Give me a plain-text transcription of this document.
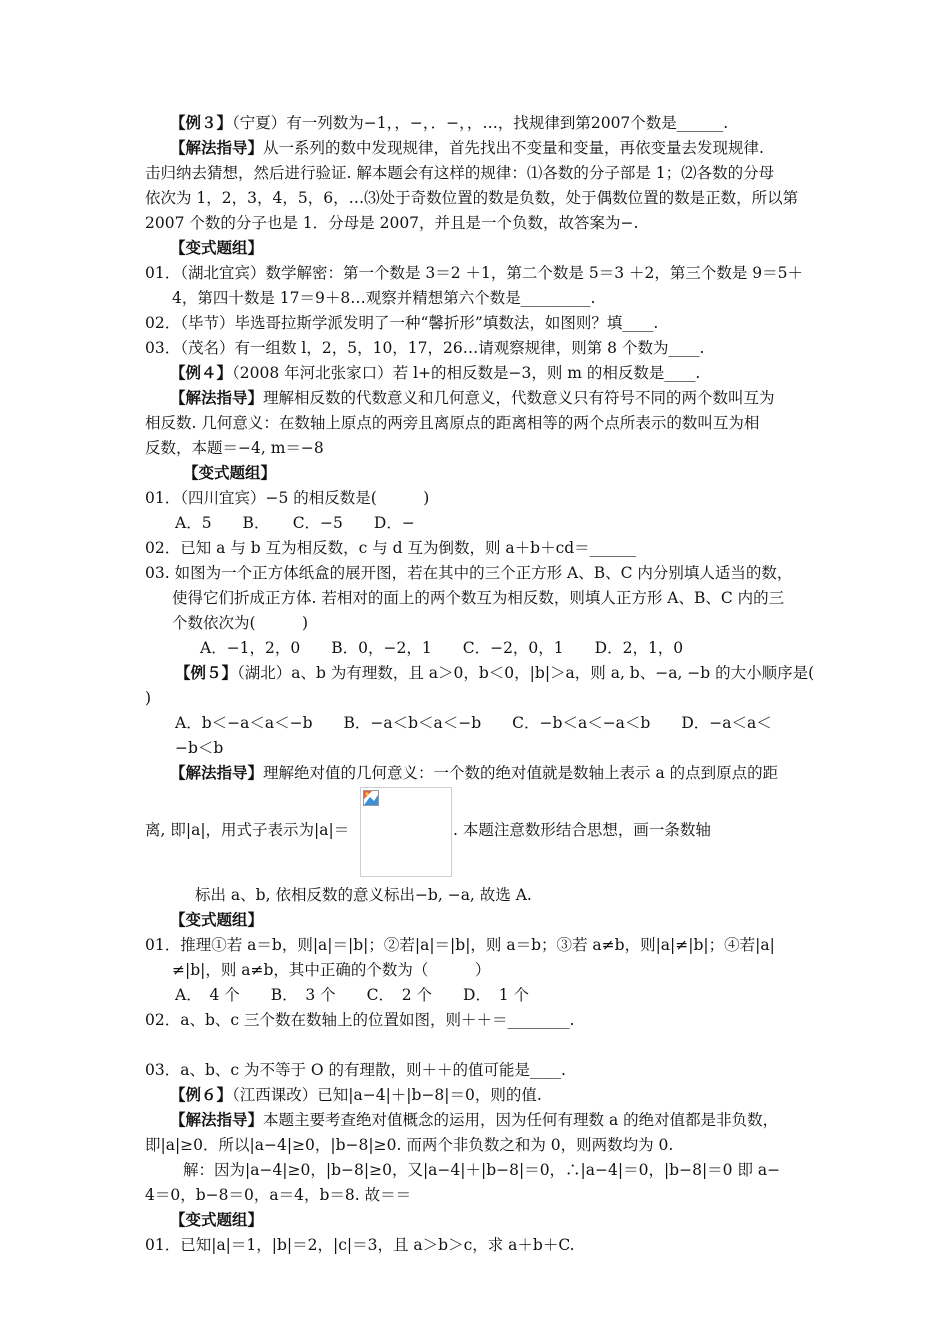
【例３】（宁夏）有一列数为−1，，−，．−，，…，找规律到第2007个数是______.
【解法指导】从一系列的数中发现规律，首先找出不变量和变量，再依变量去发现规律.
击归纳去猜想，然后进行验证. 解本题会有这样的规律：⑴各数的分子部是 1；⑵各数的分母
依次为 1，2，3，4，5，6，…⑶处于奇数位置的数是负数，处于偶数位置的数是正数，所以第
2007 个数的分子也是 1．分母是 2007，并且是一个负数，故答案为−.
【变式题组】
01．（湖北宜宾）数学解密：第一个数是 3＝2 ＋1，第二个数是 5＝3 ＋2，第三个数是 9＝5＋
4，第四十数是 17＝9＋8…观察并精想第六个数是_________.
02．（毕节）毕选哥拉斯学派发明了一种“馨折形”填数法，如图则？填____.
03．（茂名）有一组数 l，2，5，10，17，26…请观察规律，则第 8 个数为____.
【例４】（2008 年河北张家口）若 l+的相反数是−3，则 m 的相反数是____.
【解法指导】理解相反数的代数意义和几何意义，代数意义只有符号不同的两个数叫互为
相反数. 几何意义：在数轴上原点的两旁且离原点的距离相等的两个点所表示的数叫互为相
反数，本题＝−4, m＝−8
【变式题组】
01．（四川宜宾）−5 的相反数是(　　　)
A．5　　B．　　C．−5　　D．−
02．已知 a 与 b 互为相反数，c 与 d 互为倒数，则 a＋b＋cd＝______
03. 如图为一个正方体纸盒的展开图，若在其中的三个正方形 A、B、C 内分别填人适当的数，
使得它们折成正方体. 若相对的面上的两个数互为相反数，则填人正方形 A、B、C 内的三
个数依次为(　　　)
A．−1，2，0　　B．0，−2，1　　C．−2，0，1　　D．2，1，0
【例５】（湖北）a、b 为有理数，且 a＞0，b＜0，|b|＞a，则 a, b、−a, −b 的大小顺序是(
)
A．b＜−a＜a＜−b　　B．−a＜b＜a＜−b　　C．−b＜a＜−a＜b　　D．−a＜a＜
−b＜b
【解法指导】理解绝对值的几何意义：一个数的绝对值就是数轴上表示 a 的点到原点的距
离, 即|a|，用式子表示为|a|＝	. 本题注意数形结合思想，画一条数轴
标出 a、b, 依相反数的意义标出−b, −a, 故选 A.
【变式题组】
01．推理①若 a＝b，则|a|＝|b|；②若|a|＝|b|，则 a＝b；③若 a≠b，则|a|≠|b|；④若|a|
≠|b|，则 a≠b，其中正确的个数为（　　　）
A．　4 个　　B．　3 个　　C．　2 个　　D．　1 个
02．a、b、c 三个数在数轴上的位置如图，则＋＋＝________.
03．a、b、c 为不等于 O 的有理散，则＋＋的值可能是____.
【例６】（江西课改）已知|a−4|＋|b−8|＝0，则的值.
【解法指导】本题主要考查绝对值概念的运用，因为任何有理数 a 的绝对值都是非负数，
即|a|≥0．所以|a−4|≥0，|b−8|≥0. 而两个非负数之和为 0，则两数均为 0.
解：因为|a−4|≥0，|b−8|≥0，又|a−4|＋|b−8|＝0，∴|a−4|＝0，|b−8|＝0 即 a−
4＝0，b−8＝0，a＝4，b＝8. 故＝＝
【变式题组】
01．已知|a|＝1，|b|＝2，|c|＝3，且 a＞b＞c，求 a＋b＋C.
